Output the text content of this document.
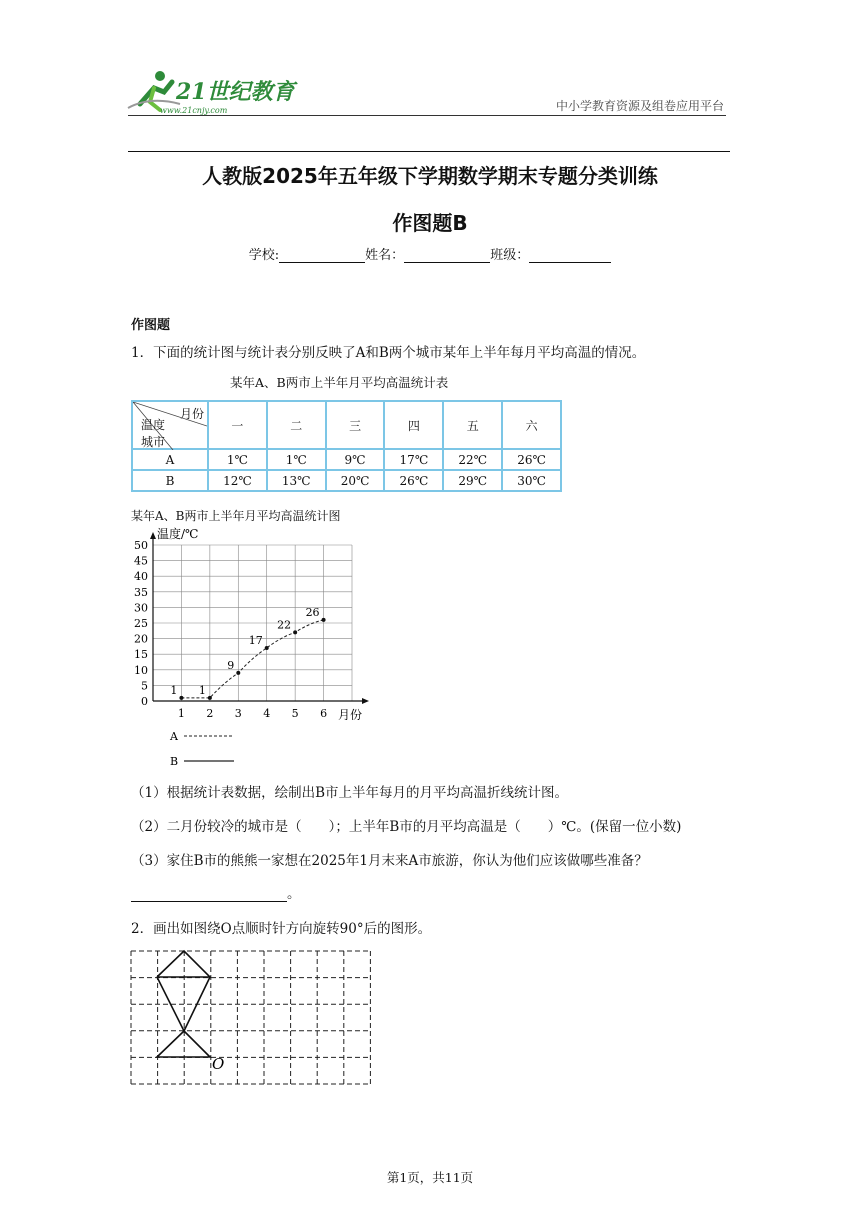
21世纪教育
www.21cnjy.com	中小学教育资源及组卷应用平台
人教版2025年五年级下学期数学期末专题分类训练
作图题B
学校:	姓名：	班级：
作图题
1．下面的统计图与统计表分别反映了A和B两个城市某年上半年每月平均高温的情况。
某年A、B两市上半年月平均高温统计表
月份
温度
城市	一	二	三	四	五	六
A	1℃	1℃	9℃	17℃	22℃	26℃
B	12℃	13℃	20℃	26℃	29℃	30℃
某年A、B两市上半年月平均高温统计图
0
5
10
15
20
25
30
35
40
45
50
1 2 3 4 5 6
1 1
9
17
22
26
温度/℃
月份
A
B
（1）根据统计表数据，绘制出B市上半年每月的月平均高温折线统计图。
（2）二月份较冷的城市是（　　）；上半年B市的月平均高温是（　　）℃。(保留一位小数)
（3）家住B市的熊熊一家想在2025年1月末来A市旅游，你认为他们应该做哪些准备？
。
2．画出如图绕O点顺时针方向旋转90°后的图形。
O
第1页，共11页
